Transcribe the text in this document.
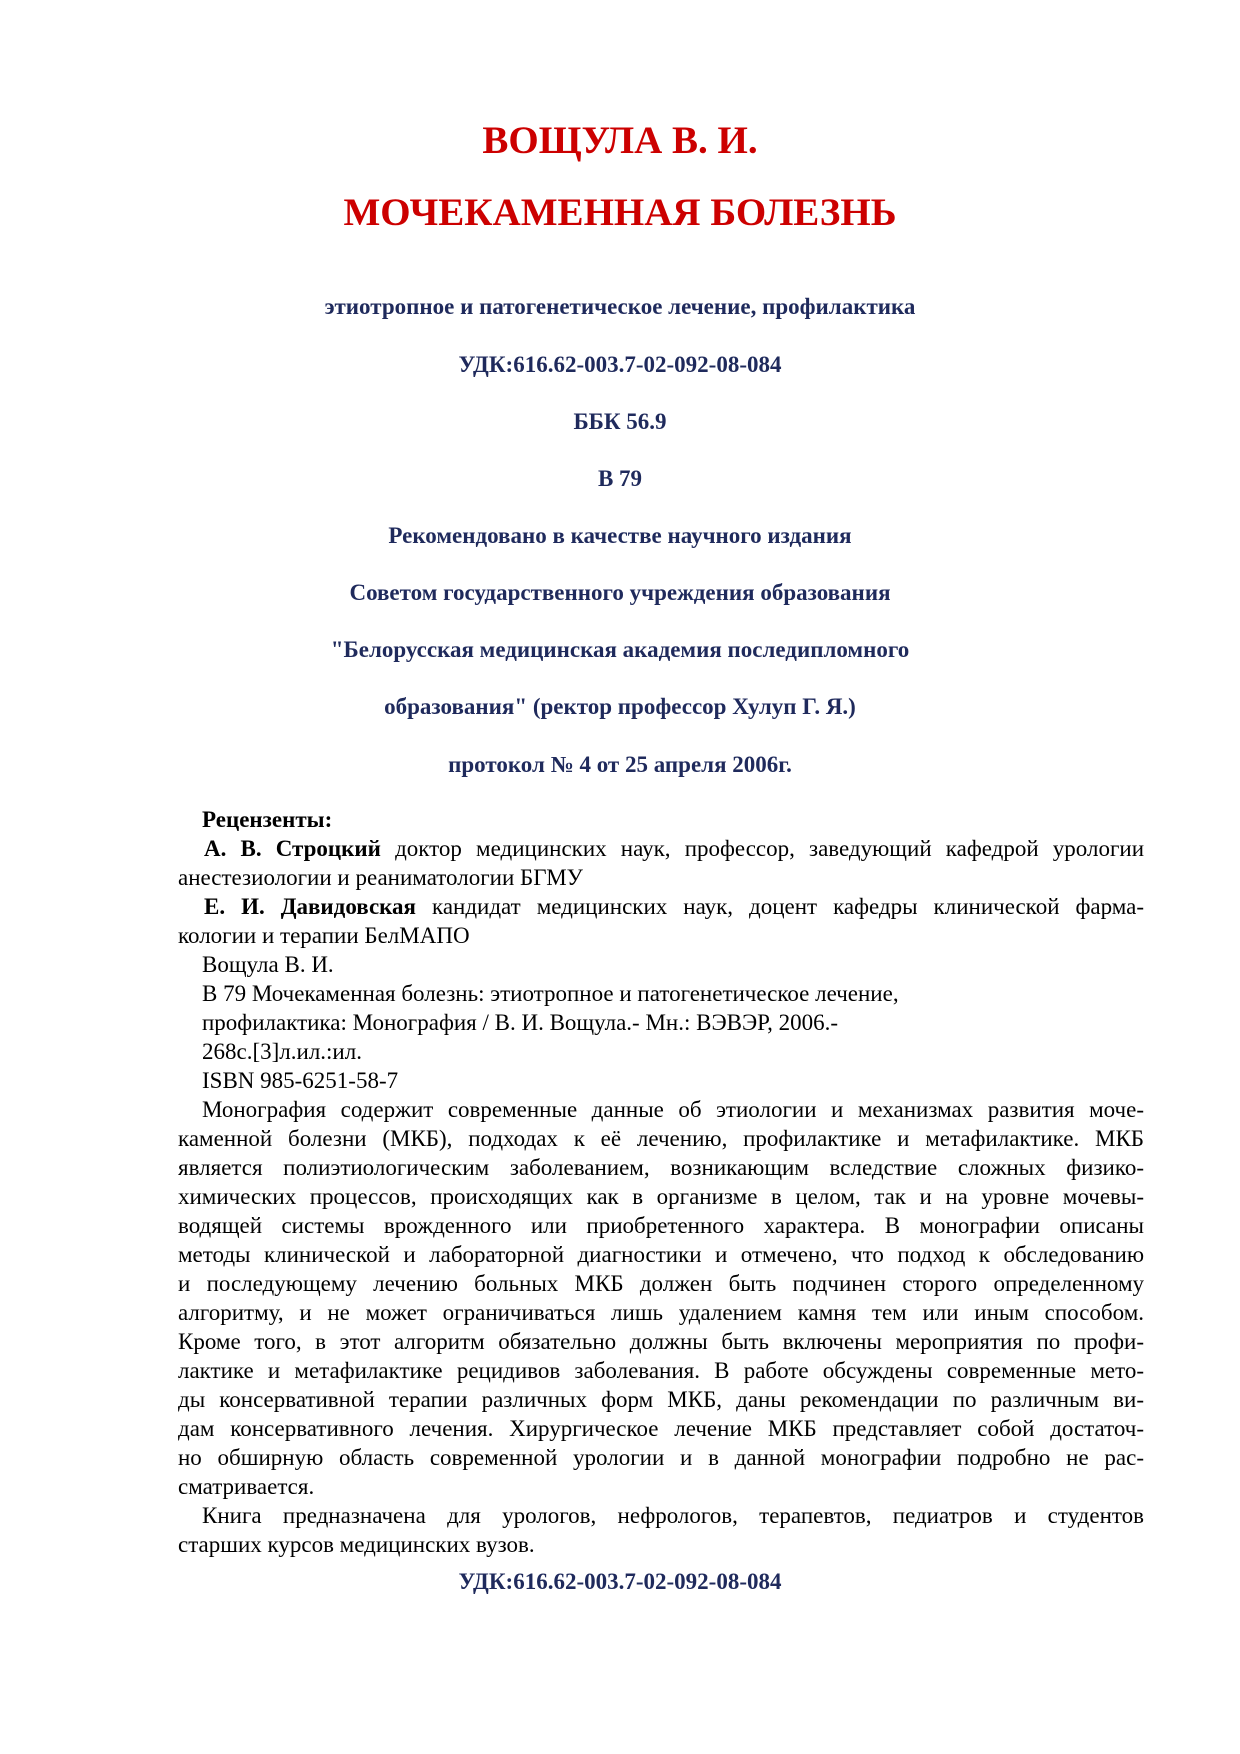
ВОЩУЛА В. И.
МОЧЕКАМЕННАЯ БОЛЕЗНЬ
этиотропное и патогенетическое лечение, профилактика
УДК:616.62-003.7-02-092-08-084
ББК 56.9
В 79
Рекомендовано в качестве научного издания
Советом государственного учреждения образования
"Белорусская медицинская академия последипломного
образования" (ректор профессор Хулуп Г. Я.)
протокол № 4 от 25 апреля 2006г.
Рецензенты:
А. В. Строцкий доктор медицинских наук, профессор, заведующий кафедрой урологии
анестезиологии и реаниматологии БГМУ
Е. И. Давидовская кандидат медицинских наук, доцент кафедры клинической фарма-
кологии и терапии БелМАПО
Вощула В. И.
В 79 Мочекаменная болезнь: этиотропное и патогенетическое лечение,
профилактика: Монография / В. И. Вощула.- Мн.: ВЭВЭР, 2006.-
268с.[3]л.ил.:ил.
ISBN 985-6251-58-7
Монография содержит современные данные об этиологии и механизмах развития моче-
каменной болезни (МКБ), подходах к её лечению, профилактике и метафилактике. МКБ
является полиэтиологическим заболеванием, возникающим вследствие сложных физико-
химических процессов, происходящих как в организме в целом, так и на уровне мочевы-
водящей системы врожденного или приобретенного характера. В монографии описаны
методы клинической и лабораторной диагностики и отмечено, что подход к обследованию
и последующему лечению больных МКБ должен быть подчинен сторого определенному
алгоритму, и не может ограничиваться лишь удалением камня тем или иным способом.
Кроме того, в этот алгоритм обязательно должны быть включены мероприятия по профи-
лактике и метафилактике рецидивов заболевания. В работе обсуждены современные мето-
ды консервативной терапии различных форм МКБ, даны рекомендации по различным ви-
дам консервативного лечения. Хирургическое лечение МКБ представляет собой достаточ-
но обширную область современной урологии и в данной монографии подробно не рас-
сматривается.
Книга предназначена для урологов, нефрологов, терапевтов, педиатров и студентов
старших курсов медицинских вузов.
УДК:616.62-003.7-02-092-08-084
